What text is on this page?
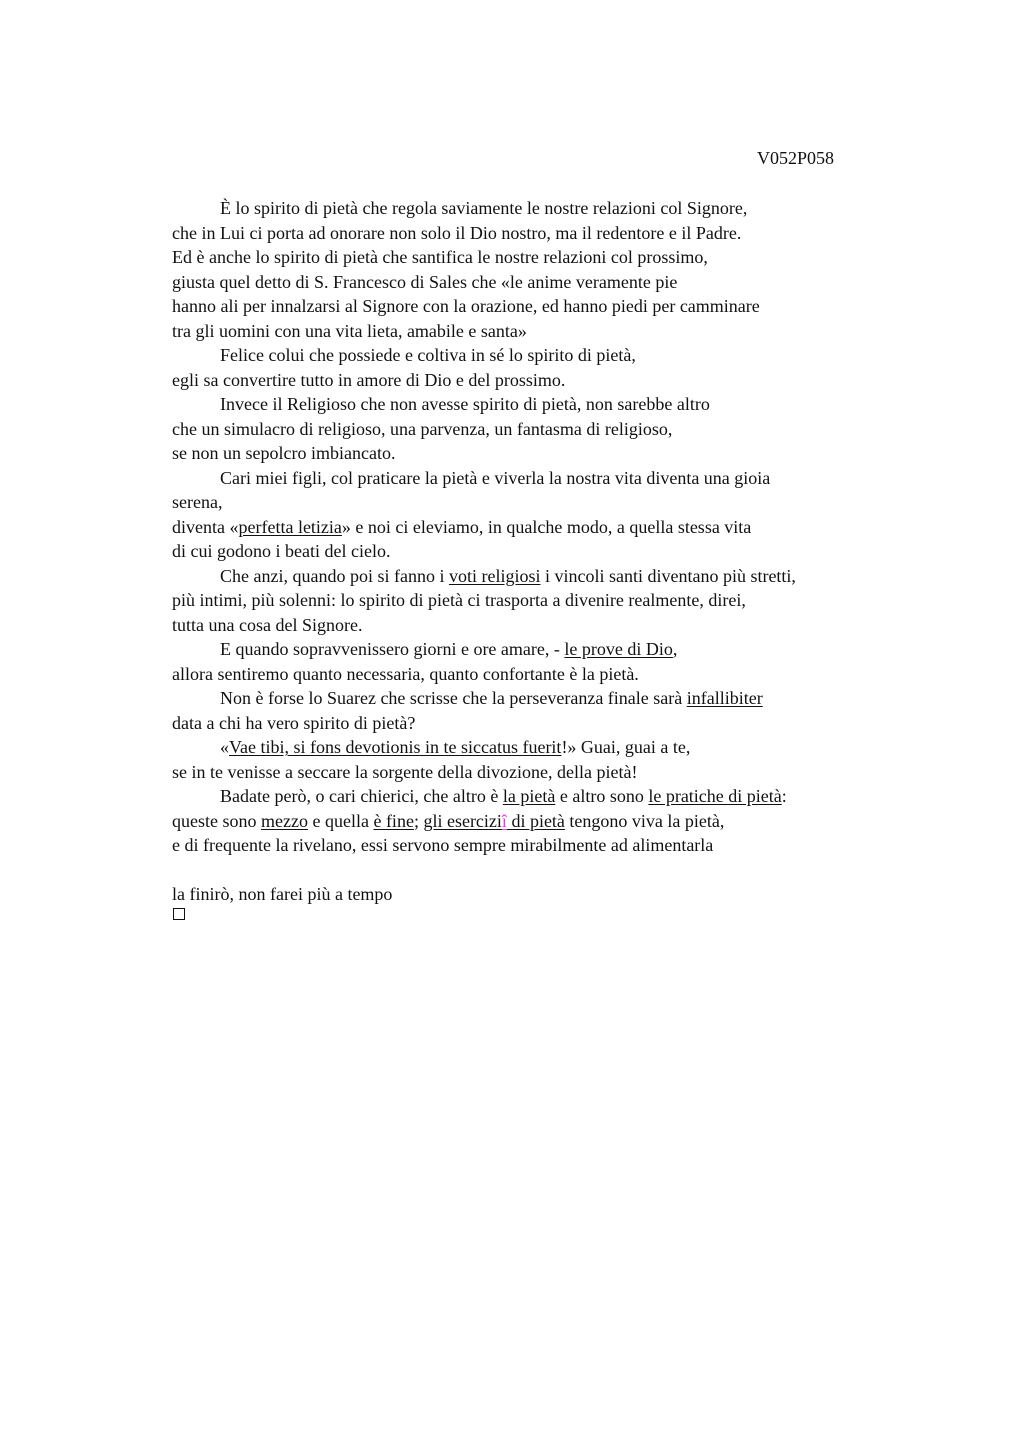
V052P058
È lo spirito di pietà che regola saviamente le nostre relazioni col Signore,
che in Lui ci porta ad onorare non solo il Dio nostro, ma il redentore e il Padre.
Ed è anche lo spirito di pietà che santifica le nostre relazioni col prossimo,
giusta quel detto di S. Francesco di Sales che «le anime veramente pie
hanno ali per innalzarsi al Signore con la orazione, ed hanno piedi per camminare
tra gli uomini con una vita lieta, amabile e santa»
Felice colui che possiede e coltiva in sé lo spirito di pietà,
egli sa convertire tutto in amore di Dio e del prossimo.
Invece il Religioso che non avesse spirito di pietà, non sarebbe altro
che un simulacro di religioso, una parvenza, un fantasma di religioso,
se non un sepolcro imbiancato.
Cari miei figli, col praticare la pietà e viverla la nostra vita diventa una gioia
serena,
diventa «perfetta letizia» e noi ci eleviamo, in qualche modo, a quella stessa vita
di cui godono i beati del cielo.
Che anzi, quando poi si fanno i voti religiosi i vincoli santi diventano più stretti,
più intimi, più solenni: lo spirito di pietà ci trasporta a divenire realmente, direi,
tutta una cosa del Signore.
E quando sopravvenissero giorni e ore amare, - le prove di Dio,
allora sentiremo quanto necessaria, quanto confortante è la pietà.
Non è forse lo Suarez che scrisse che la perseveranza finale sarà infallibiter
data a chi ha vero spirito di pietà?
«Vae tibi, si fons devotionis in te siccatus fuerit!» Guai, guai a te,
se in te venisse a seccare la sorgente della divozione, della pietà!
Badate però, o cari chierici, che altro è la pietà e altro sono le pratiche di pietà:
queste sono mezzo e quella è fine; gli eserciziî di pietà tengono viva la pietà,
e di frequente la rivelano, essi servono sempre mirabilmente ad alimentarla
la finirò, non farei più a tempo
